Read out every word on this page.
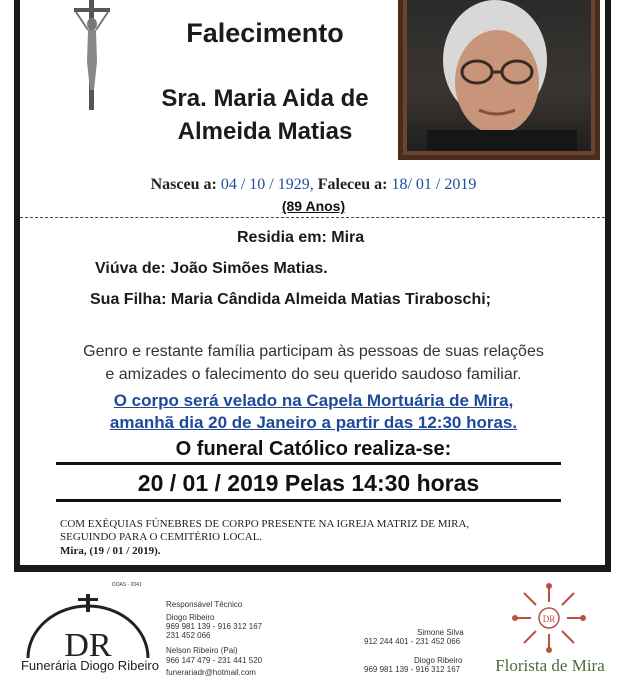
Falecimento
Sra. Maria Aida de
Almeida Matias
Nasceu a: 04 / 10 / 1929, Faleceu a: 18/ 01 / 2019
(89 Anos)
Residia em: Mira
Viúva de: João Simões Matias.
Sua Filha: Maria Cândida Almeida Matias Tiraboschi;
Genro e restante família participam às pessoas de suas relações
e amizades o falecimento do seu querido saudoso familiar.
O corpo será velado na Capela Mortuária de Mira,
amanhã dia 20 de Janeiro a partir das 12:30 horas.
O funeral Católico realiza-se:
20 / 01 / 2019 Pelas 14:30 horas
COM EXÉQUIAS FÚNEBRES DE CORPO PRESENTE NA IGREJA MATRIZ DE MIRA,
SEGUINDO PARA O CEMITÉRIO LOCAL.
Mira, (19 / 01 / 2019).
DR
DOAS - 2041
Funerária Diogo Ribeiro
Responsável Técnico
Diogo Ribeiro
969 981 139 - 916 312 167
231 452 066
Nelson Ribeiro (Pai)
966 147 479 - 231 441 520
funerariadr@hotmail.com
Simone Silva
912 244 401 - 231 452 066
Diogo Ribeiro
969 981 139 - 916 312 167
DR
Florista de Mira
